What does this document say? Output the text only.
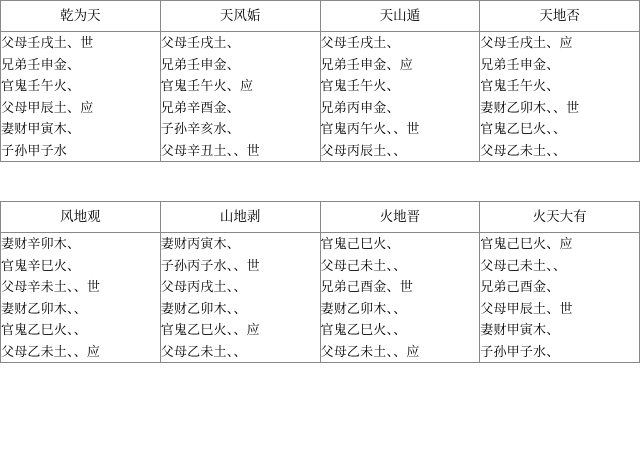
乾为天	天风姤	天山遁	天地否

父母壬戌土、世
兄弟壬申金、
官鬼壬午火、
父母甲辰土、应
妻财甲寅木、
子孙甲子水

父母壬戌土、
兄弟壬申金、
官鬼壬午火、应
兄弟辛酉金、
子孙辛亥水、
父母辛丑土、、世

父母壬戌土、
兄弟壬申金、应
官鬼壬午火、
兄弟丙申金、
官鬼丙午火、、世
父母丙辰土、、

父母壬戌土、应
兄弟壬申金、
官鬼壬午火、
妻财乙卯木、、世
官鬼乙巳火、、
父母乙未土、、
风地观	山地剥	火地晋	火天大有

妻财辛卯木、
官鬼辛巳火、
父母辛未土、、世
妻财乙卯木、、
官鬼乙巳火、、
父母乙未土、、应

妻财丙寅木、
子孙丙子水、、世
父母丙戌土、、
妻财乙卯木、、
官鬼乙巳火、、应
父母乙未土、、

官鬼己巳火、
父母己未土、、
兄弟己酉金、世
妻财乙卯木、、
官鬼乙巳火、、
父母乙未土、、应

官鬼己巳火、应
父母己未土、、
兄弟己酉金、
父母甲辰土、世
妻财甲寅木、
子孙甲子水、
